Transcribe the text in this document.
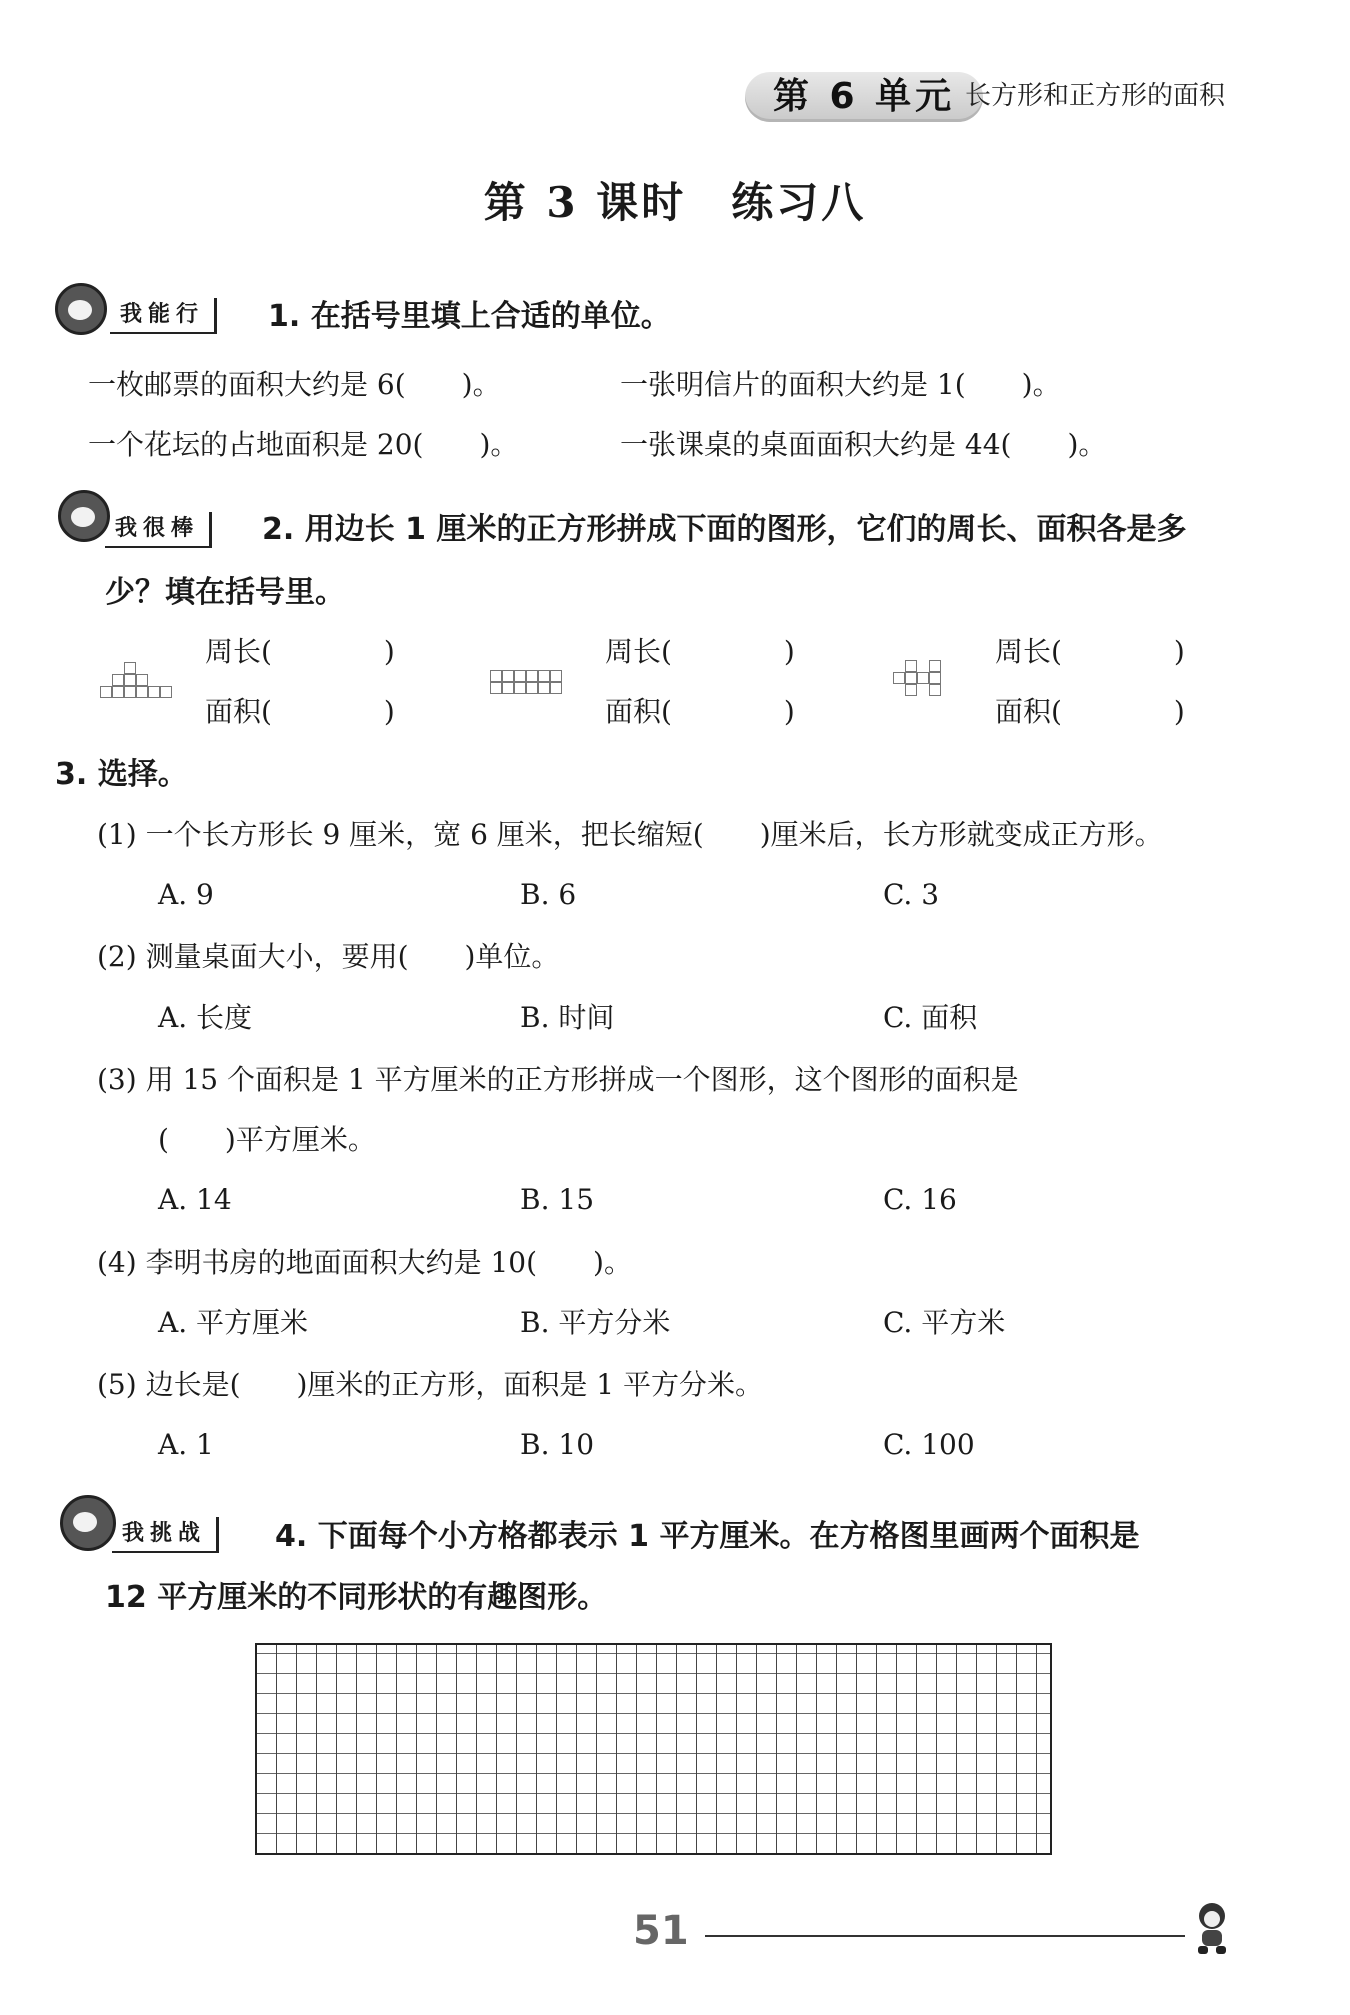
第 6 单元 长方形和正方形的面积
第 3 课时　练习八
我能行	1. 在括号里填上合适的单位。
一枚邮票的面积大约是 6(　　)。	一张明信片的面积大约是 1(　　)。
一个花坛的占地面积是 20(　　)。	一张课桌的桌面面积大约是 44(　　)。
我很棒	2. 用边长 1 厘米的正方形拼成下面的图形，它们的周长、面积各是多
少？填在括号里。
周长(　　　　)
面积(　　　　)
周长(　　　　)
面积(　　　　)
周长(　　　　)
面积(　　　　)
3. 选择。
(1) 一个长方形长 9 厘米，宽 6 厘米，把长缩短(　　)厘米后，长方形就变成正方形。
A. 9	B. 6	C. 3
(2) 测量桌面大小，要用(　　)单位。
A. 长度	B. 时间	C. 面积
(3) 用 15 个面积是 1 平方厘米的正方形拼成一个图形，这个图形的面积是
(　　)平方厘米。
A. 14	B. 15	C. 16
(4) 李明书房的地面面积大约是 10(　　)。
A. 平方厘米	B. 平方分米	C. 平方米
(5) 边长是(　　)厘米的正方形，面积是 1 平方分米。
A. 1	B. 10	C. 100
我挑战	4. 下面每个小方格都表示 1 平方厘米。在方格图里画两个面积是
12 平方厘米的不同形状的有趣图形。
51
